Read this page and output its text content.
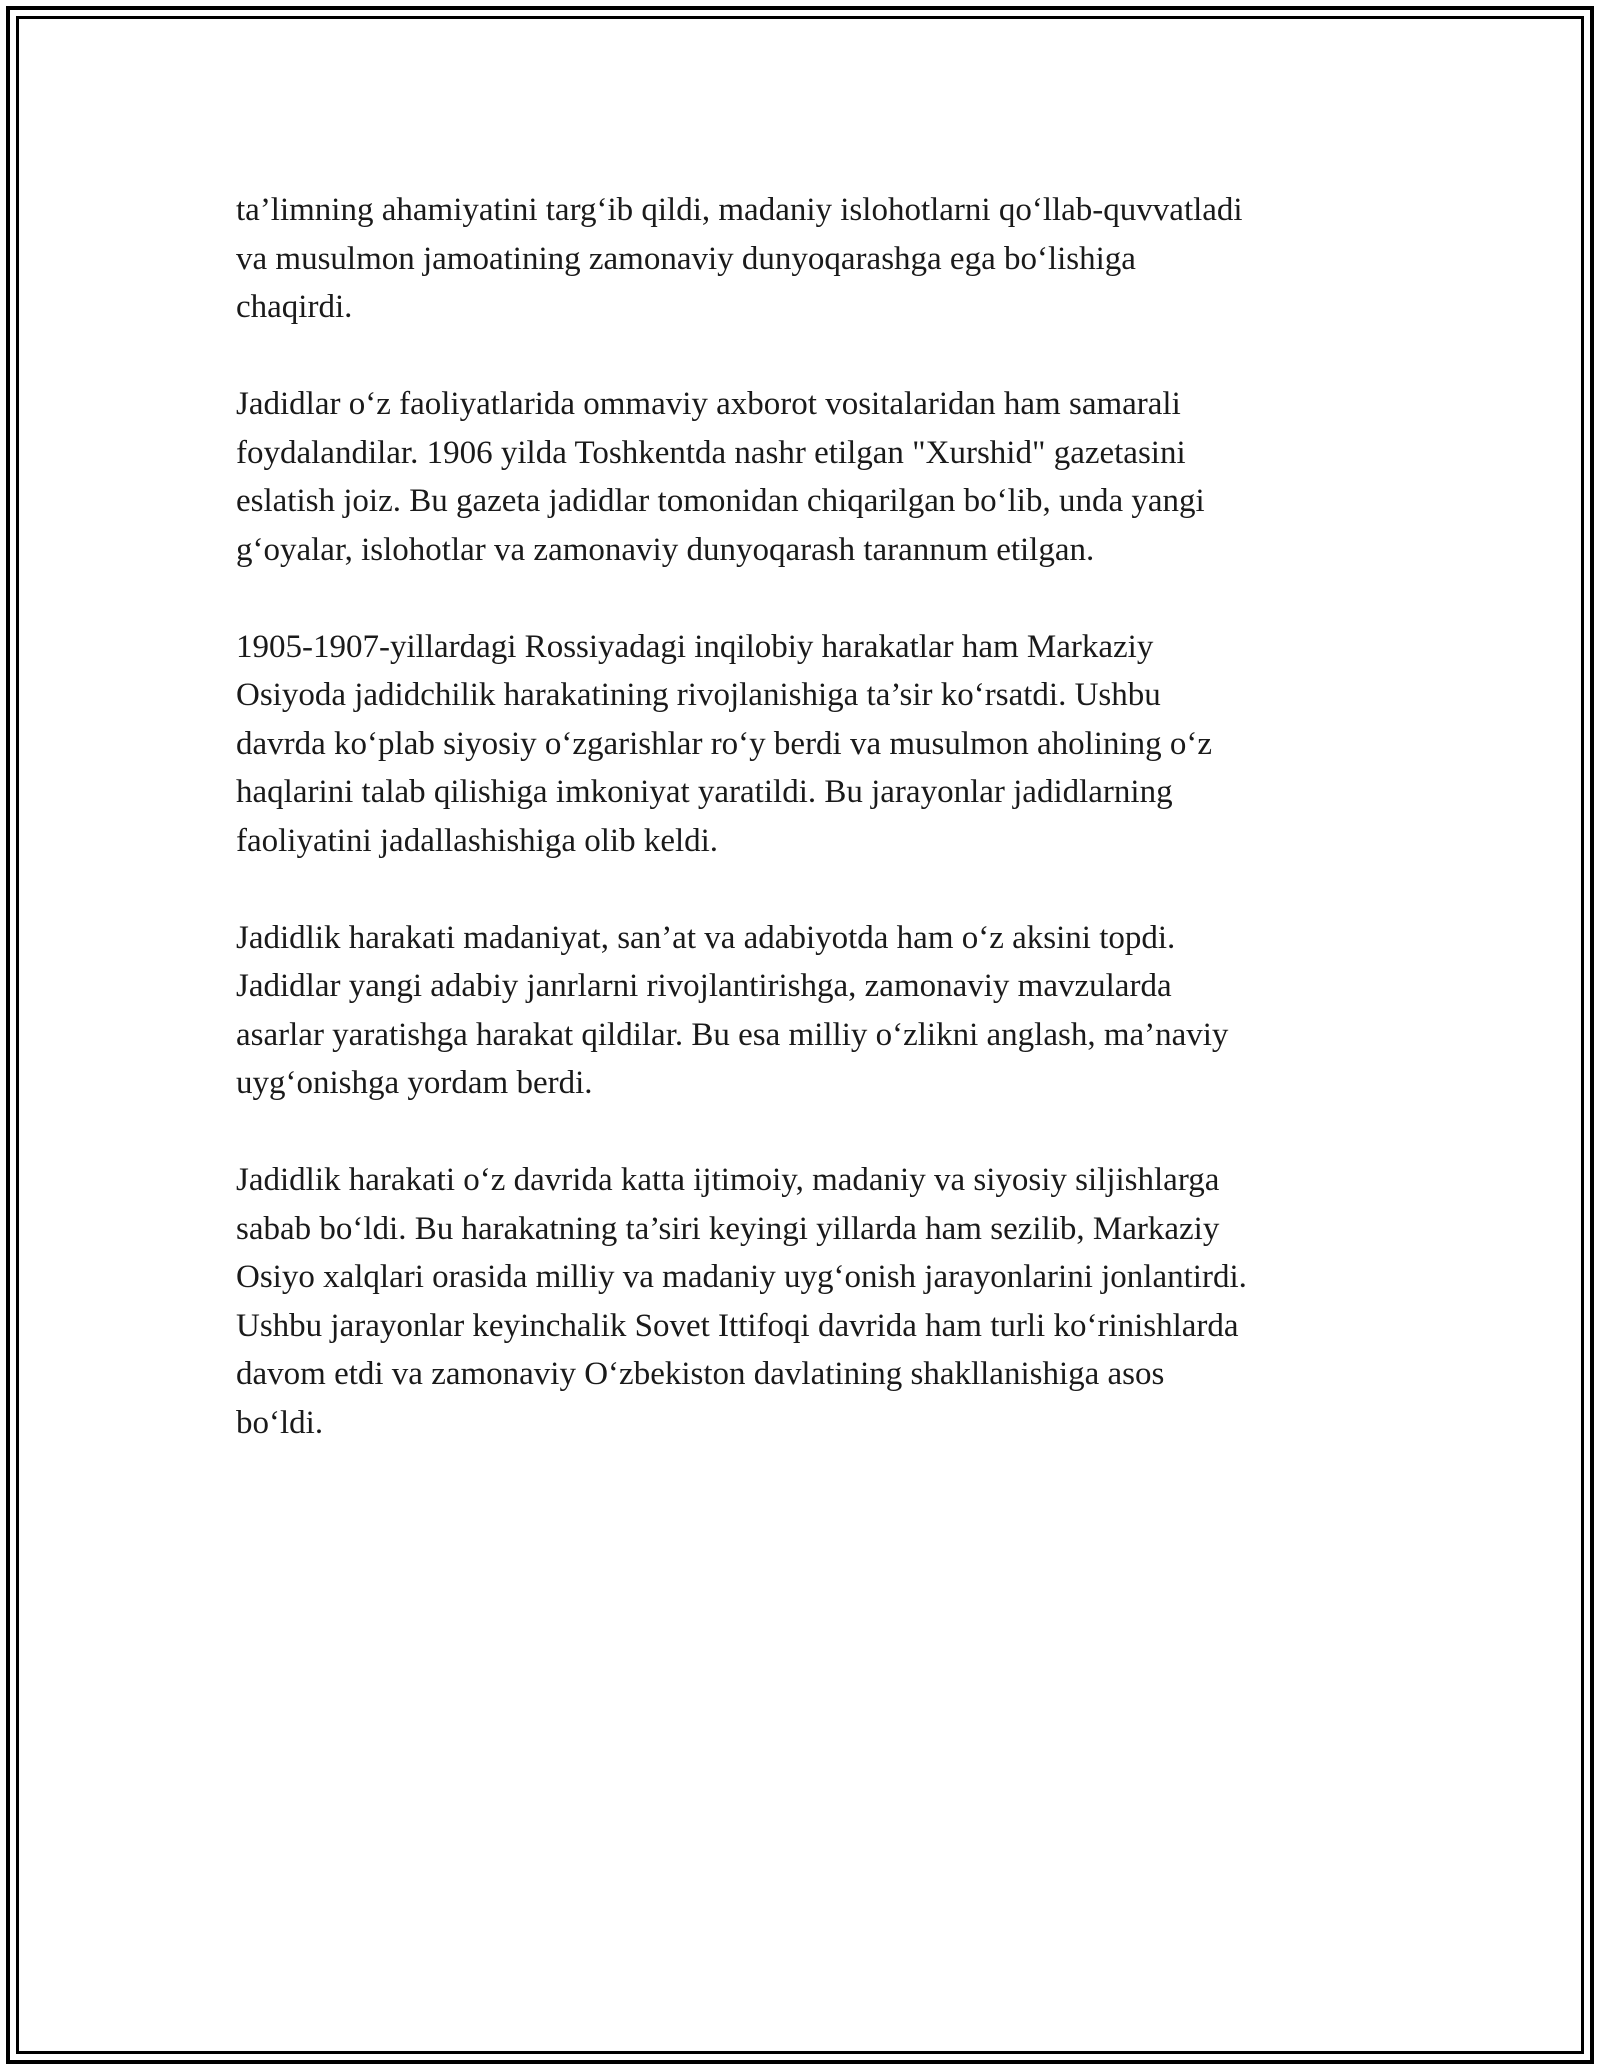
ta’limning ahamiyatini targ‘ib qildi, madaniy islohotlarni qo‘llab-quvvatladi
va musulmon jamoatining zamonaviy dunyoqarashga ega bo‘lishiga
chaqirdi.

Jadidlar o‘z faoliyatlarida ommaviy axborot vositalaridan ham samarali
foydalandilar. 1906 yilda Toshkentda nashr etilgan "Xurshid" gazetasini
eslatish joiz. Bu gazeta jadidlar tomonidan chiqarilgan bo‘lib, unda yangi
g‘oyalar, islohotlar va zamonaviy dunyoqarash tarannum etilgan.

1905-1907-yillardagi Rossiyadagi inqilobiy harakatlar ham Markaziy
Osiyoda jadidchilik harakatining rivojlanishiga ta’sir ko‘rsatdi. Ushbu
davrda ko‘plab siyosiy o‘zgarishlar ro‘y berdi va musulmon aholining o‘z
haqlarini talab qilishiga imkoniyat yaratildi. Bu jarayonlar jadidlarning
faoliyatini jadallashishiga olib keldi.

Jadidlik harakati madaniyat, san’at va adabiyotda ham o‘z aksini topdi.
Jadidlar yangi adabiy janrlarni rivojlantirishga, zamonaviy mavzularda
asarlar yaratishga harakat qildilar. Bu esa milliy o‘zlikni anglash, ma’naviy
uyg‘onishga yordam berdi.

Jadidlik harakati o‘z davrida katta ijtimoiy, madaniy va siyosiy siljishlarga
sabab bo‘ldi. Bu harakatning ta’siri keyingi yillarda ham sezilib, Markaziy
Osiyo xalqlari orasida milliy va madaniy uyg‘onish jarayonlarini jonlantirdi.
Ushbu jarayonlar keyinchalik Sovet Ittifoqi davrida ham turli ko‘rinishlarda
davom etdi va zamonaviy O‘zbekiston davlatining shakllanishiga asos
bo‘ldi.
